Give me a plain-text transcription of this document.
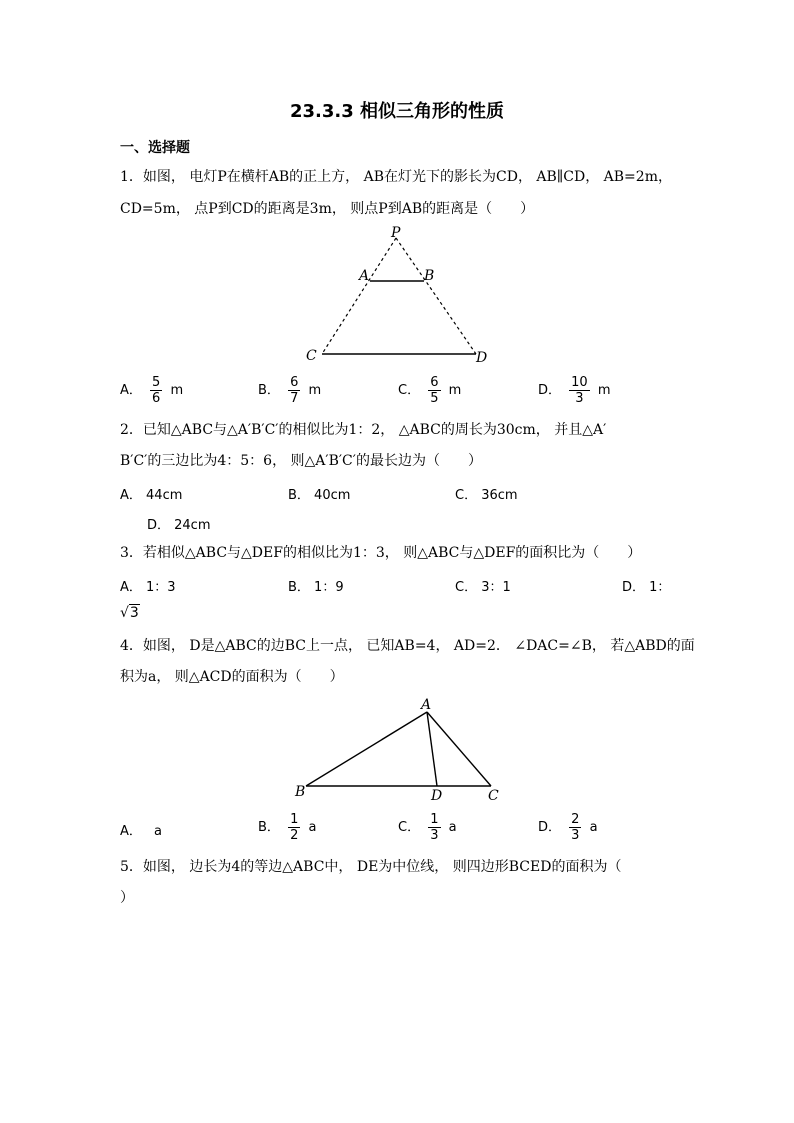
23.3.3 相似三角形的性质
一、选择题
1．如图， 电灯P在横杆AB的正上方， AB在灯光下的影长为CD， AB∥CD， AB=2m，
CD=5m， 点P到CD的距离是3m， 则点P到AB的距离是（　　）
P
A	B
C	D
A． $\frac{5}{6}$ m	B． $\frac{6}{7}$ m	C． $\frac{6}{5}$ m	D． $\frac{10}{3}$ m
2．已知△ABC与△A′B′C′的相似比为1：2， △ABC的周长为30cm， 并且△A′
B′C′的三边比为4：5：6， 则△A′B′C′的最长边为（　　）
A． 44cm	B． 40cm	C． 36cm
D． 24cm
3．若相似△ABC与△DEF的相似比为1：3， 则△ABC与△DEF的面积比为（　　）
A． 1：3	B． 1：9	C． 3：1	D． 1：
√3
4．如图， D是△ABC的边BC上一点， 已知AB=4， AD=2． ∠DAC=∠B， 若△ABD的面
积为a， 则△ACD的面积为（　　）
A
B	D	C
A． a	B． $\frac{1}{2}$ a	C． $\frac{1}{3}$ a	D． $\frac{2}{3}$ a
5．如图， 边长为4的等边△ABC中， DE为中位线， 则四边形BCED的面积为（
）
